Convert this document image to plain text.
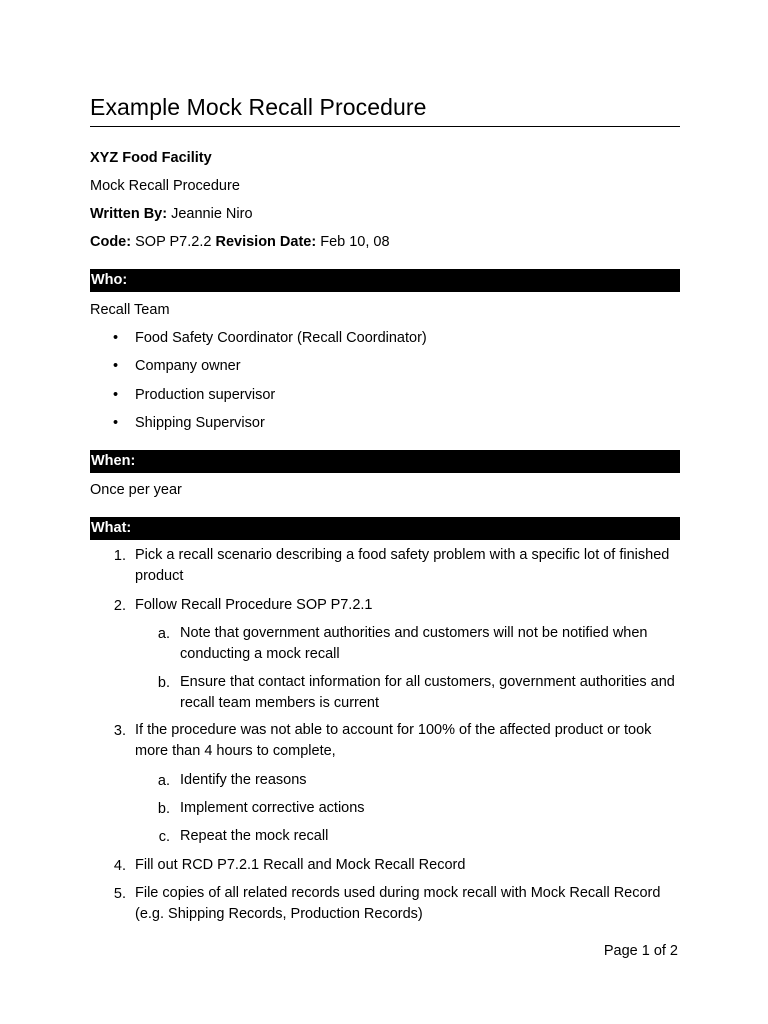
Example Mock Recall Procedure
XYZ Food Facility
Mock Recall Procedure
Written By: Jeannie Niro
Code: SOP P7.2.2 Revision Date: Feb 10, 08
Who:
Recall Team
• Food Safety Coordinator (Recall Coordinator)
• Company owner
• Production supervisor
• Shipping Supervisor
When:
Once per year
What:
1. Pick a recall scenario describing a food safety problem with a specific lot of finished product
2. Follow Recall Procedure SOP P7.2.1
a. Note that government authorities and customers will not be notified when conducting a mock recall
b. Ensure that contact information for all customers, government authorities and recall team members is current
3. If the procedure was not able to account for 100% of the affected product or took more than 4 hours to complete,
a. Identify the reasons
b. Implement corrective actions
c. Repeat the mock recall
4. Fill out RCD P7.2.1 Recall and Mock Recall Record
5. File copies of all related records used during mock recall with Mock Recall Record (e.g. Shipping Records, Production Records)
Page 1 of 2
